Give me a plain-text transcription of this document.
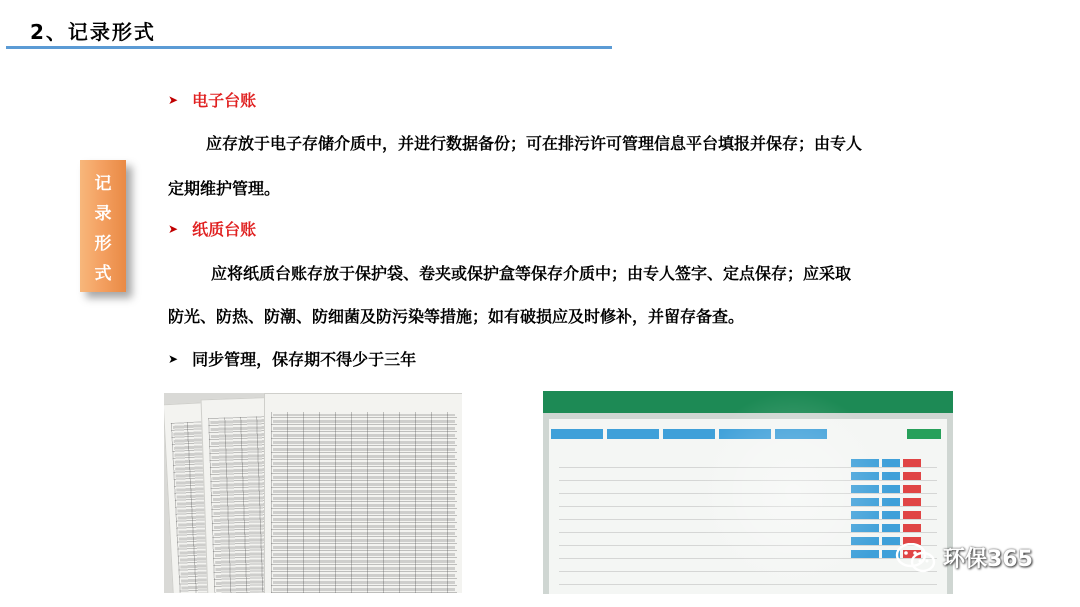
2、记录形式
记
录
形
式
➤ 电子台账
应存放于电子存储介质中，并进行数据备份；可在排污许可管理信息平台填报并保存；由专人
定期维护管理。
➤ 纸质台账
应将纸质台账存放于保护袋、卷夹或保护盒等保存介质中；由专人签字、定点保存；应采取
防光、防热、防潮、防细菌及防污染等措施；如有破损应及时修补，并留存备查。
➤ 同步管理，保存期不得少于三年
环保365
